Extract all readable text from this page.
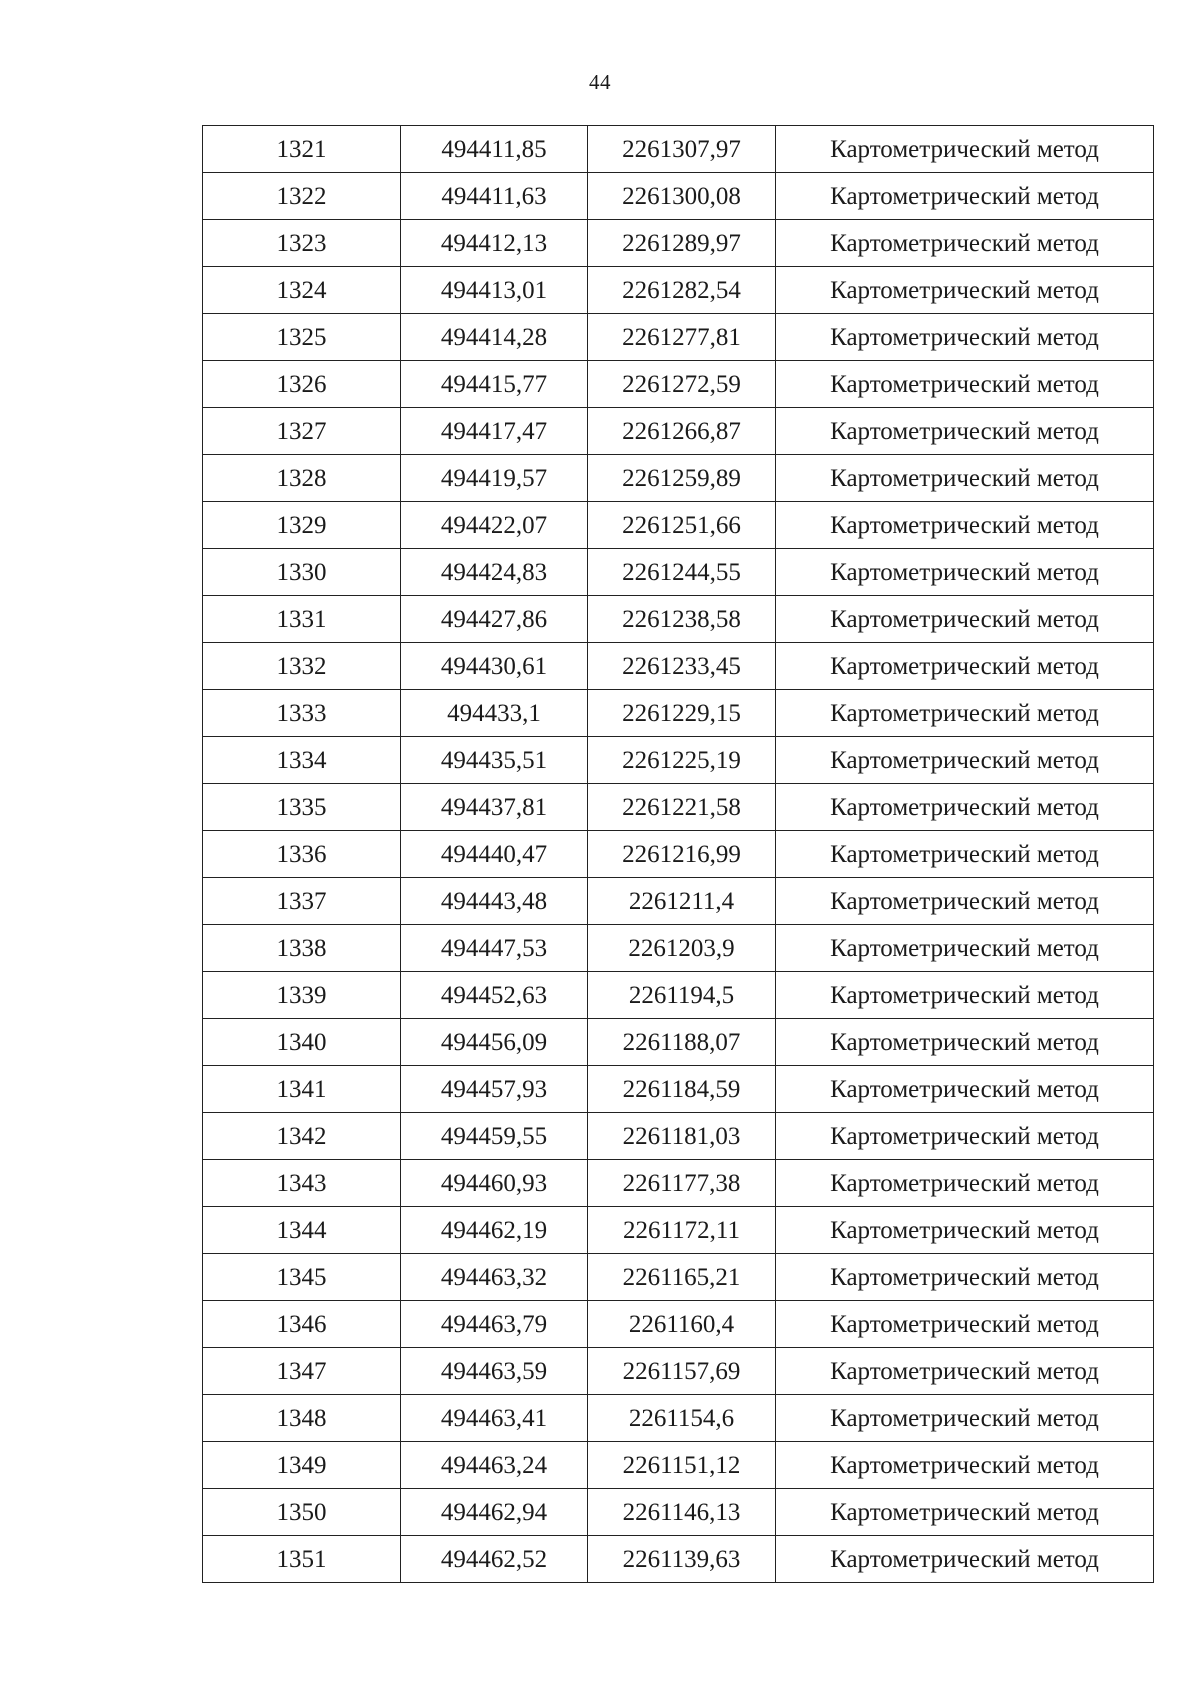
44
1321	494411,85	2261307,97	Картометрический метод
1322	494411,63	2261300,08	Картометрический метод
1323	494412,13	2261289,97	Картометрический метод
1324	494413,01	2261282,54	Картометрический метод
1325	494414,28	2261277,81	Картометрический метод
1326	494415,77	2261272,59	Картометрический метод
1327	494417,47	2261266,87	Картометрический метод
1328	494419,57	2261259,89	Картометрический метод
1329	494422,07	2261251,66	Картометрический метод
1330	494424,83	2261244,55	Картометрический метод
1331	494427,86	2261238,58	Картометрический метод
1332	494430,61	2261233,45	Картометрический метод
1333	494433,1	2261229,15	Картометрический метод
1334	494435,51	2261225,19	Картометрический метод
1335	494437,81	2261221,58	Картометрический метод
1336	494440,47	2261216,99	Картометрический метод
1337	494443,48	2261211,4	Картометрический метод
1338	494447,53	2261203,9	Картометрический метод
1339	494452,63	2261194,5	Картометрический метод
1340	494456,09	2261188,07	Картометрический метод
1341	494457,93	2261184,59	Картометрический метод
1342	494459,55	2261181,03	Картометрический метод
1343	494460,93	2261177,38	Картометрический метод
1344	494462,19	2261172,11	Картометрический метод
1345	494463,32	2261165,21	Картометрический метод
1346	494463,79	2261160,4	Картометрический метод
1347	494463,59	2261157,69	Картометрический метод
1348	494463,41	2261154,6	Картометрический метод
1349	494463,24	2261151,12	Картометрический метод
1350	494462,94	2261146,13	Картометрический метод
1351	494462,52	2261139,63	Картометрический метод
